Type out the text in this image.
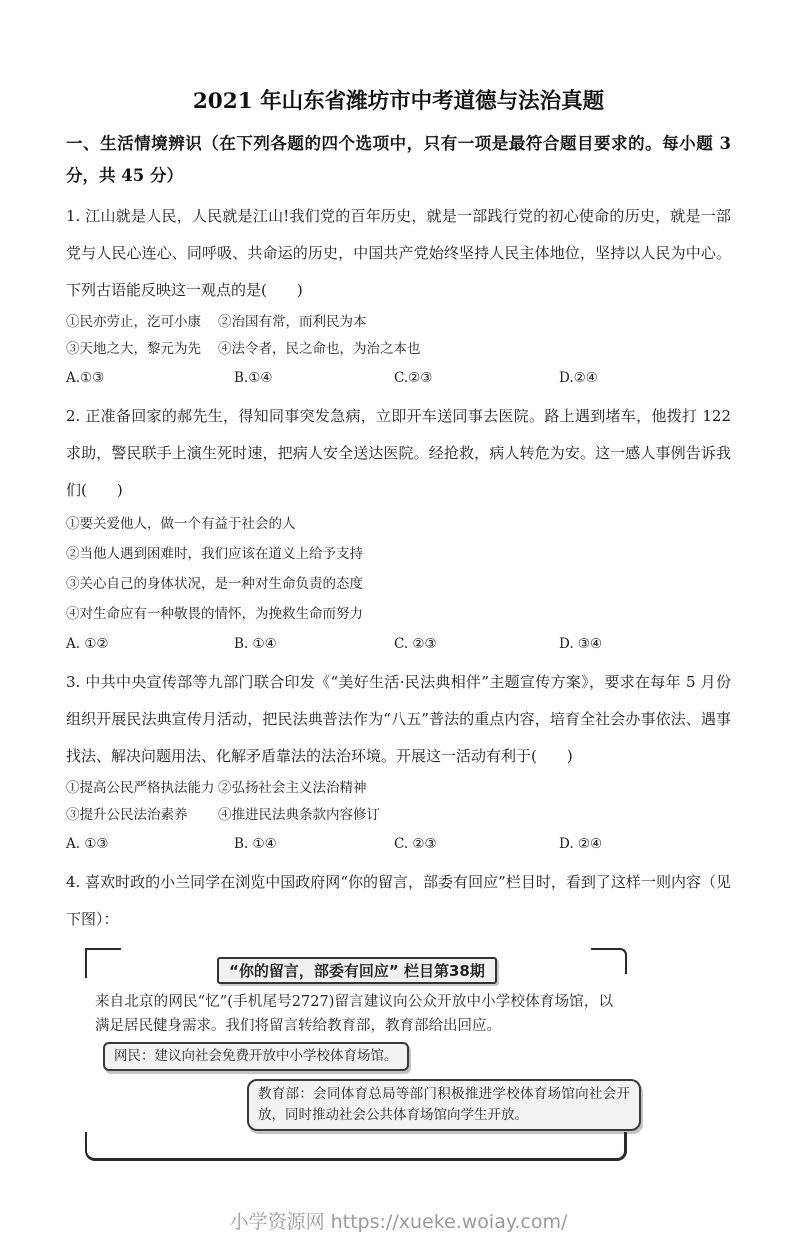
2021 年山东省潍坊市中考道德与法治真题
一、生活情境辨识（在下列各题的四个选项中，只有一项是最符合题目要求的。每小题 3 分，共 45 分）

1. 江山就是人民，人民就是江山!我们党的百年历史，就是一部践行党的初心使命的历史，就是一部党与人民心连心、同呼吸、共命运的历史，中国共产党始终坚持人民主体地位，坚持以人民为中心。下列古语能反映这一观点的是(　　)

①民亦劳止，汔可小康	②治国有常，而利民为本
③天地之大，黎元为先	④法令者，民之命也，为治之本也
A.①③	B.①④	C.②③	D.②④

2. 正准备回家的郝先生，得知同事突发急病，立即开车送同事去医院。路上遇到堵车，他拨打 122 求助，警民联手上演生死时速，把病人安全送达医院。经抢救，病人转危为安。这一感人事例告诉我们(　　)

①要关爱他人，做一个有益于社会的人
②当他人遇到困难时，我们应该在道义上给予支持
③关心自己的身体状况，是一种对生命负责的态度
④对生命应有一种敬畏的情怀，为挽救生命而努力
A. ①②	B. ①④	C. ②③	D. ③④

3. 中共中央宣传部等九部门联合印发《“美好生活·民法典相伴”主题宣传方案》，要求在每年 5 月份组织开展民法典宣传月活动，把民法典普法作为“八五”普法的重点内容，培育全社会办事依法、遇事找法、解决问题用法、化解矛盾靠法的法治环境。开展这一活动有利于(　　)

①提高公民严格执法能力 ②弘扬社会主义法治精神
③提升公民法治素养	④推进民法典条款内容修订
A. ①③	B. ①④	C. ②③	D. ②④

4. 喜欢时政的小兰同学在浏览中国政府网“你的留言，部委有回应”栏目时，看到了这样一则内容（见下图）：

“你的留言，部委有回应” 栏目第38期

来自北京的网民“忆”(手机尾号2727)留言建议向公众开放中小学校体育场馆，以满足居民健身需求。我们将留言转给教育部，教育部给出回应。

网民：建议向社会免费开放中小学校体育场馆。
教育部：会同体育总局等部门积极推进学校体育场馆向社会开放，同时推动社会公共体育场馆向学生开放。
小学资源网 https://xueke.woiay.com/
